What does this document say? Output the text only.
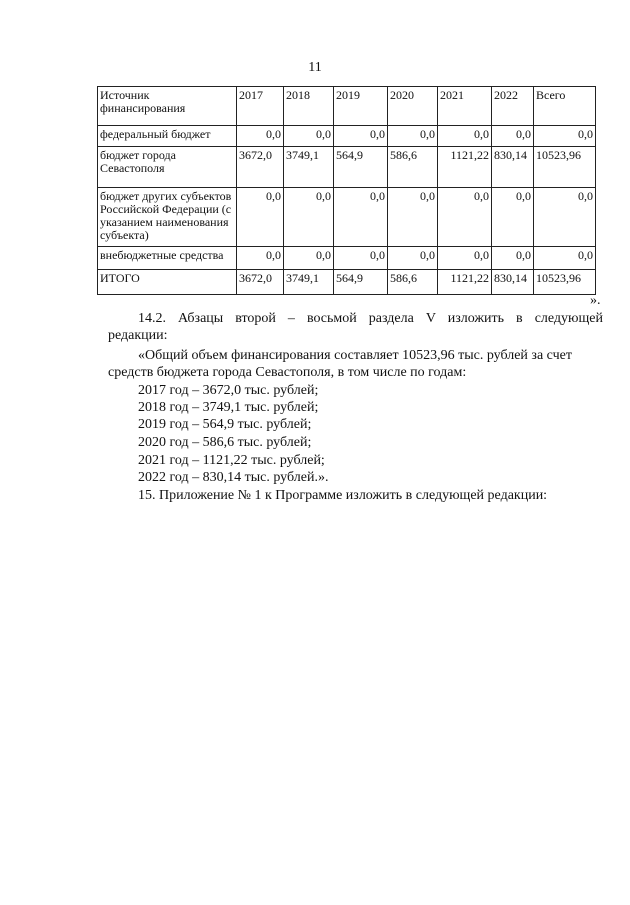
11
Источник финансирования	2017	2018	2019	2020	2021	2022	Всего
федеральный бюджет	0,0	0,0	0,0	0,0	0,0	0,0	0,0
бюджет города Севастополя	3672,0	3749,1	564,9	586,6	1121,22	830,14	10523,96
бюджет других субъектов Российской Федерации (с указанием наименования субъекта)	0,0	0,0	0,0	0,0	0,0	0,0	0,0
внебюджетные средства	0,0	0,0	0,0	0,0	0,0	0,0	0,0
ИТОГО	3672,0	3749,1	564,9	586,6	1121,22	830,14	10523,96
».
14.2. Абзацы второй – восьмой раздела V изложить в следующей
редакции:
«Общий объем финансирования составляет 10523,96 тыс. рублей за счет
средств бюджета города Севастополя, в том числе по годам:
2017 год – 3672,0 тыс. рублей;
2018 год – 3749,1 тыс. рублей;
2019 год – 564,9 тыс. рублей;
2020 год – 586,6 тыс. рублей;
2021 год – 1121,22 тыс. рублей;
2022 год – 830,14 тыс. рублей.».
15. Приложение № 1 к Программе изложить в следующей редакции:
